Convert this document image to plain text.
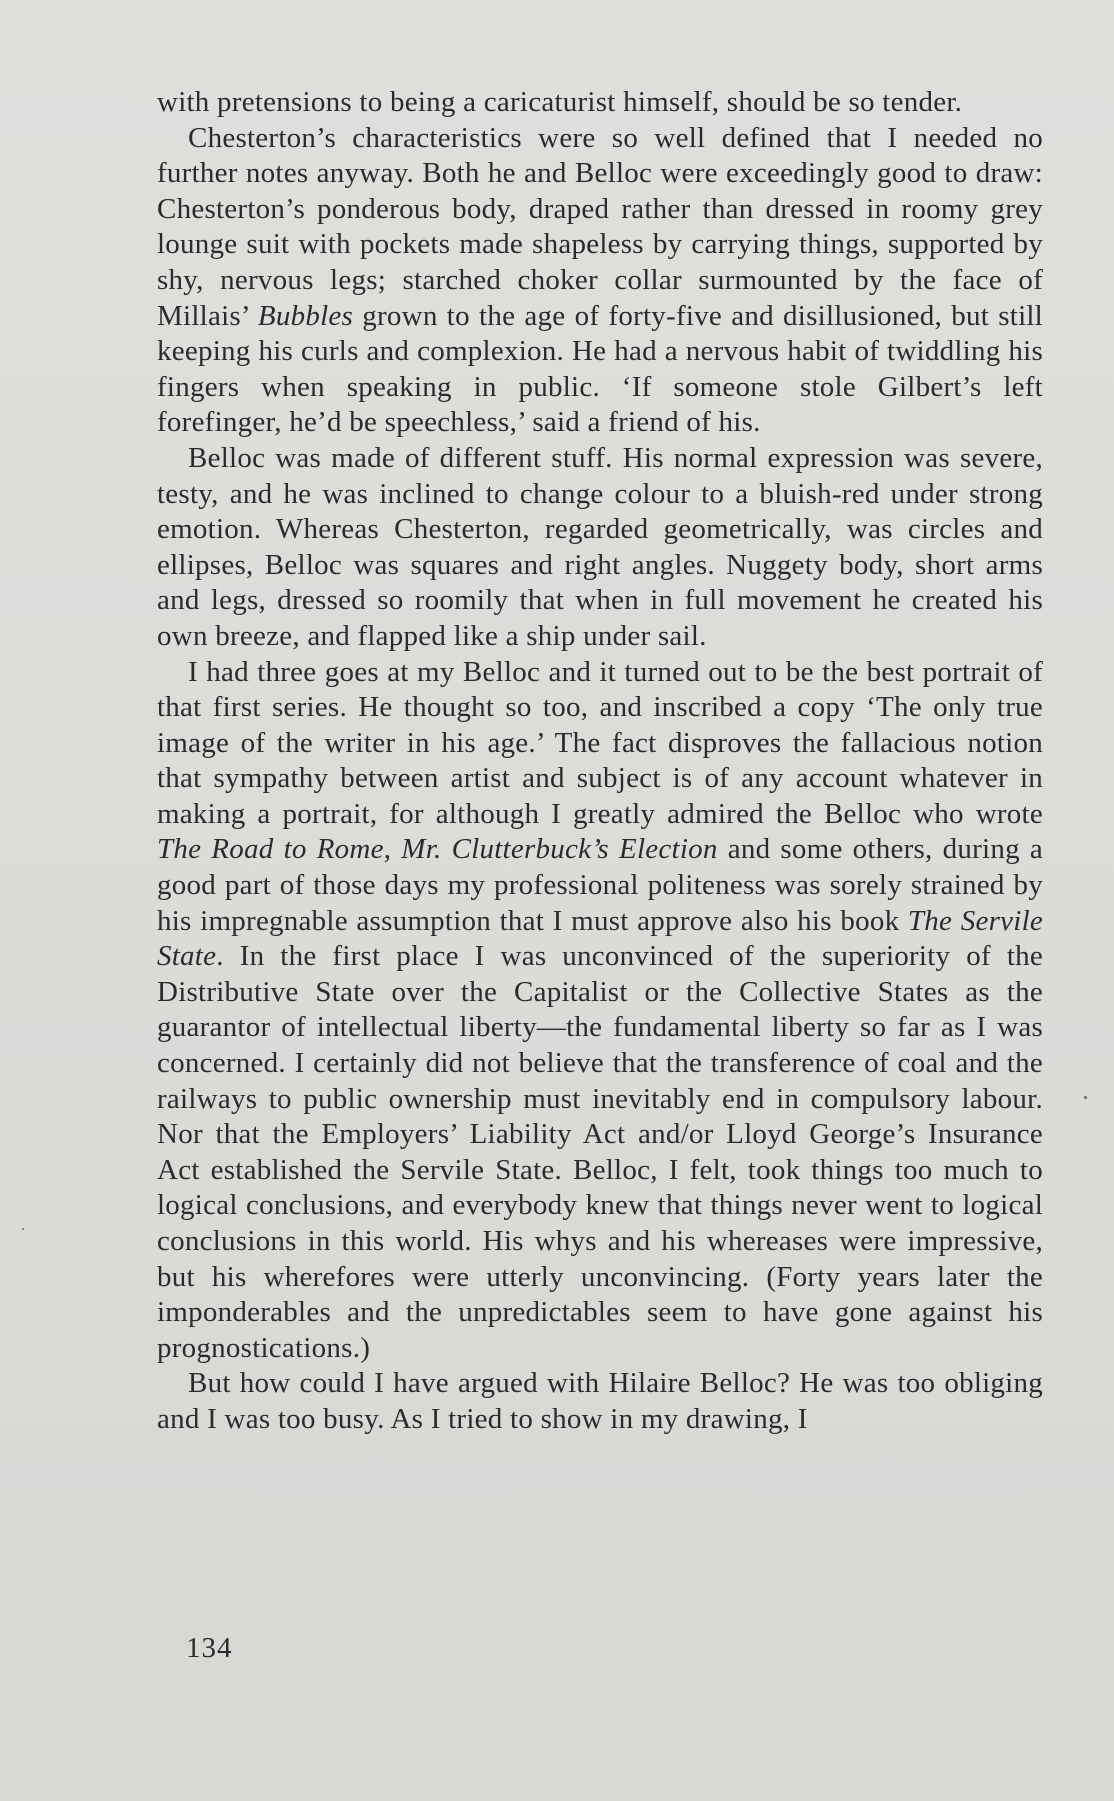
with pretensions to being a caricaturist himself, should be so tender.

Chesterton’s characteristics were so well defined that I needed no further notes anyway. Both he and Belloc were exceedingly good to draw: Chesterton’s ponderous body, draped rather than dressed in roomy grey lounge suit with pockets made shapeless by carrying things, supported by shy, nervous legs; starched choker collar surmounted by the face of Millais’ Bubbles grown to the age of forty-five and disillusioned, but still keeping his curls and complexion. He had a nervous habit of twiddling his fingers when speaking in public. ‘If someone stole Gilbert’s left forefinger, he’d be speechless,’ said a friend of his.

Belloc was made of different stuff. His normal expression was severe, testy, and he was inclined to change colour to a bluish-red under strong emotion. Whereas Chesterton, regarded geometrically, was circles and ellipses, Belloc was squares and right angles. Nuggety body, short arms and legs, dressed so roomily that when in full movement he created his own breeze, and flapped like a ship under sail.

I had three goes at my Belloc and it turned out to be the best portrait of that first series. He thought so too, and inscribed a copy ‘The only true image of the writer in his age.’ The fact disproves the fallacious notion that sympathy between artist and subject is of any account whatever in making a portrait, for although I greatly admired the Belloc who wrote The Road to Rome, Mr. Clutterbuck’s Election and some others, during a good part of those days my professional politeness was sorely strained by his impregnable assumption that I must approve also his book The Servile State. In the first place I was unconvinced of the superiority of the Distributive State over the Capitalist or the Collective States as the guarantor of intellectual liberty—the fundamental liberty so far as I was concerned. I certainly did not believe that the transference of coal and the railways to public ownership must inevitably end in compulsory labour. Nor that the Employers’ Liability Act and/or Lloyd George’s Insurance Act established the Servile State. Belloc, I felt, took things too much to logical conclusions, and everybody knew that things never went to logical conclusions in this world. His whys and his whereases were impressive, but his wherefores were utterly unconvincing. (Forty years later the imponderables and the unpredictables seem to have gone against his prognostications.)

But how could I have argued with Hilaire Belloc? He was too obliging and I was too busy. As I tried to show in my drawing, I

134
